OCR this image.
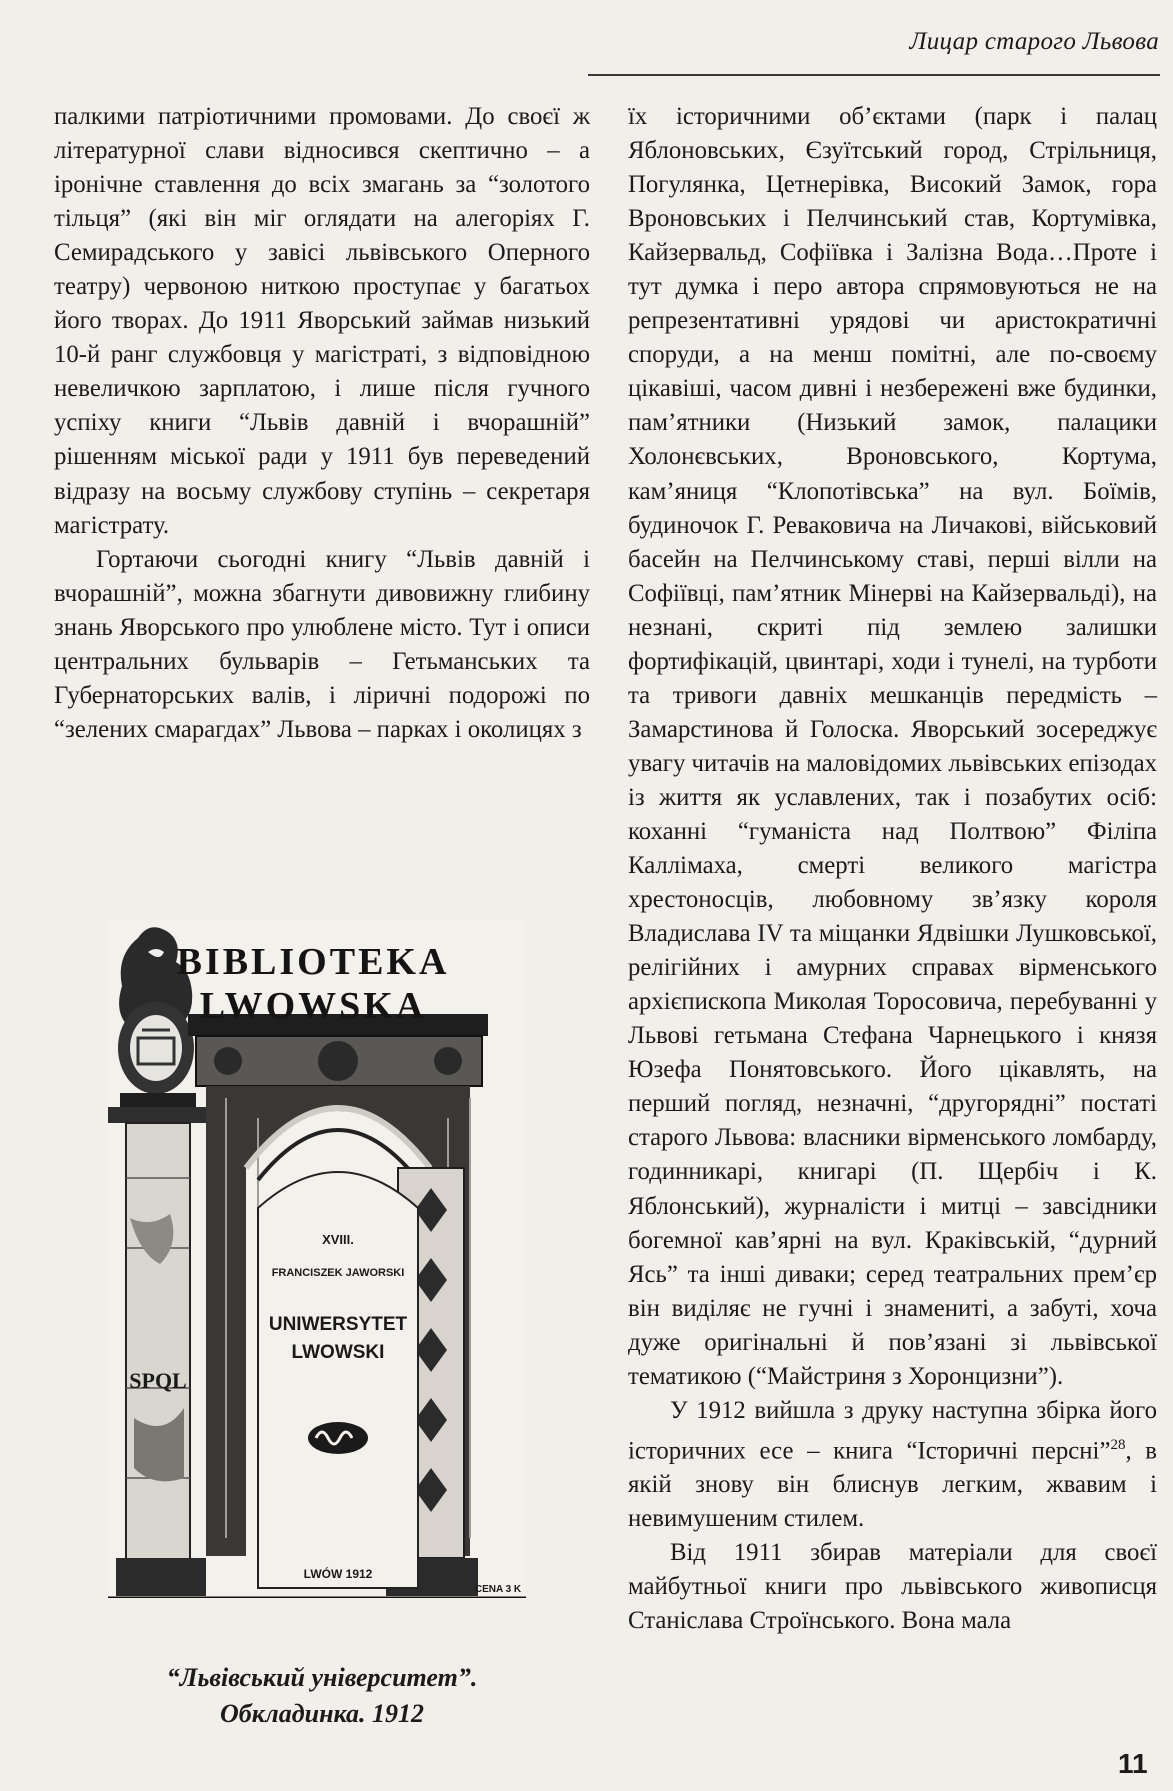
Лицар старого Львова

палкими патріотичними промовами. До своєї ж літературної слави відносився скептично – а іронічне ставлення до всіх змагань за “золотого тільця” (які він міг оглядати на алегоріях Г. Семирадського у завісі львівського Оперного театру) червоною ниткою проступає у багатьох його творах. До 1911 Яворський займав низький 10-й ранг службовця у магістраті, з відповідною невеличкою зарплатою, і лише після гучного успіху книги “Львів давній і вчорашній” рішенням міської ради у 1911 був переведений відразу на восьму службову ступінь – секретаря магістрату.

Гортаючи сьогодні книгу “Львів давній і вчорашній”, можна збагнути дивовижну глибину знань Яворського про улюблене місто. Тут і описи центральних бульварів – Гетьманських та Губернаторських валів, і ліричні подорожі по “зелених смарагдах” Львова – парках і околицях з

BIBLIOTEKA
LWOWSKA
XVIII.
FRANCISZEK JAWORSKI
UNIWERSYTET
LWOWSKI
SPQL
LWÓW 1912
CENA 3 K
“Львівський університет”.
Обкладинка. 1912

їх історичними об’єктами (парк і палац Яблоновських, Єзуїтський город, Стрільниця, Погулянка, Цетнерівка, Високий Замок, гора Вроновських і Пелчинський став, Кортумівка, Кайзервальд, Софіївка і Залізна Вода…Проте і тут думка і перо автора спрямовуються не на репрезентативні урядові чи аристократичні споруди, а на менш помітні, але по-своєму цікавіші, часом дивні і незбережені вже будинки, пам’ятники (Низький замок, палацики Холонєвських, Вроновського, Кортума, кам’яниця “Клопотівська” на вул. Боїмів, будиночок Г. Реваковича на Личакові, військовий басейн на Пелчинському ставі, перші вілли на Софіївці, пам’ятник Мінерві на Кайзервальді), на незнані, скриті під землею залишки фортифікацій, цвинтарі, ходи і тунелі, на турботи та тривоги давніх мешканців передмість – Замарстинова й Голоска. Яворський зосереджує увагу читачів на маловідомих львівських епізодах із життя як уславлених, так і позабутих осіб: коханні “гуманіста над Полтвою” Філіпа Каллімаха, смерті великого магістра хрестоносців, любовному зв’язку короля Владислава IV та міщанки Ядвішки Лушковської, релігійних і амурних справах вірменського архієпископа Миколая Торосовича, перебуванні у Львові гетьмана Стефана Чарнецького і князя Юзефа Понятовського. Його цікавлять, на перший погляд, незначні, “другорядні” постаті старого Львова: власники вірменського ломбарду, годинникарі, книгарі (П. Щербіч і К. Яблонський), журналісти і митці – завсідники богемної кав’ярні на вул. Краківській, “дурний Ясь” та інші диваки; серед театральних прем’єр він виділяє не гучні і знамениті, а забуті, хоча дуже оригінальні й пов’язані зі львівської тематикою (“Майстриня з Хоронцизни”).

У 1912 вийшла з друку наступна збірка його історичних есе – книга “Історичні персні”$^{28}$, в якій знову він блиснув легким, жвавим і невимушеним стилем.

Від 1911 збирав матеріали для своєї майбутньої книги про львівського живописця Станіслава Строїнського. Вона мала

11
